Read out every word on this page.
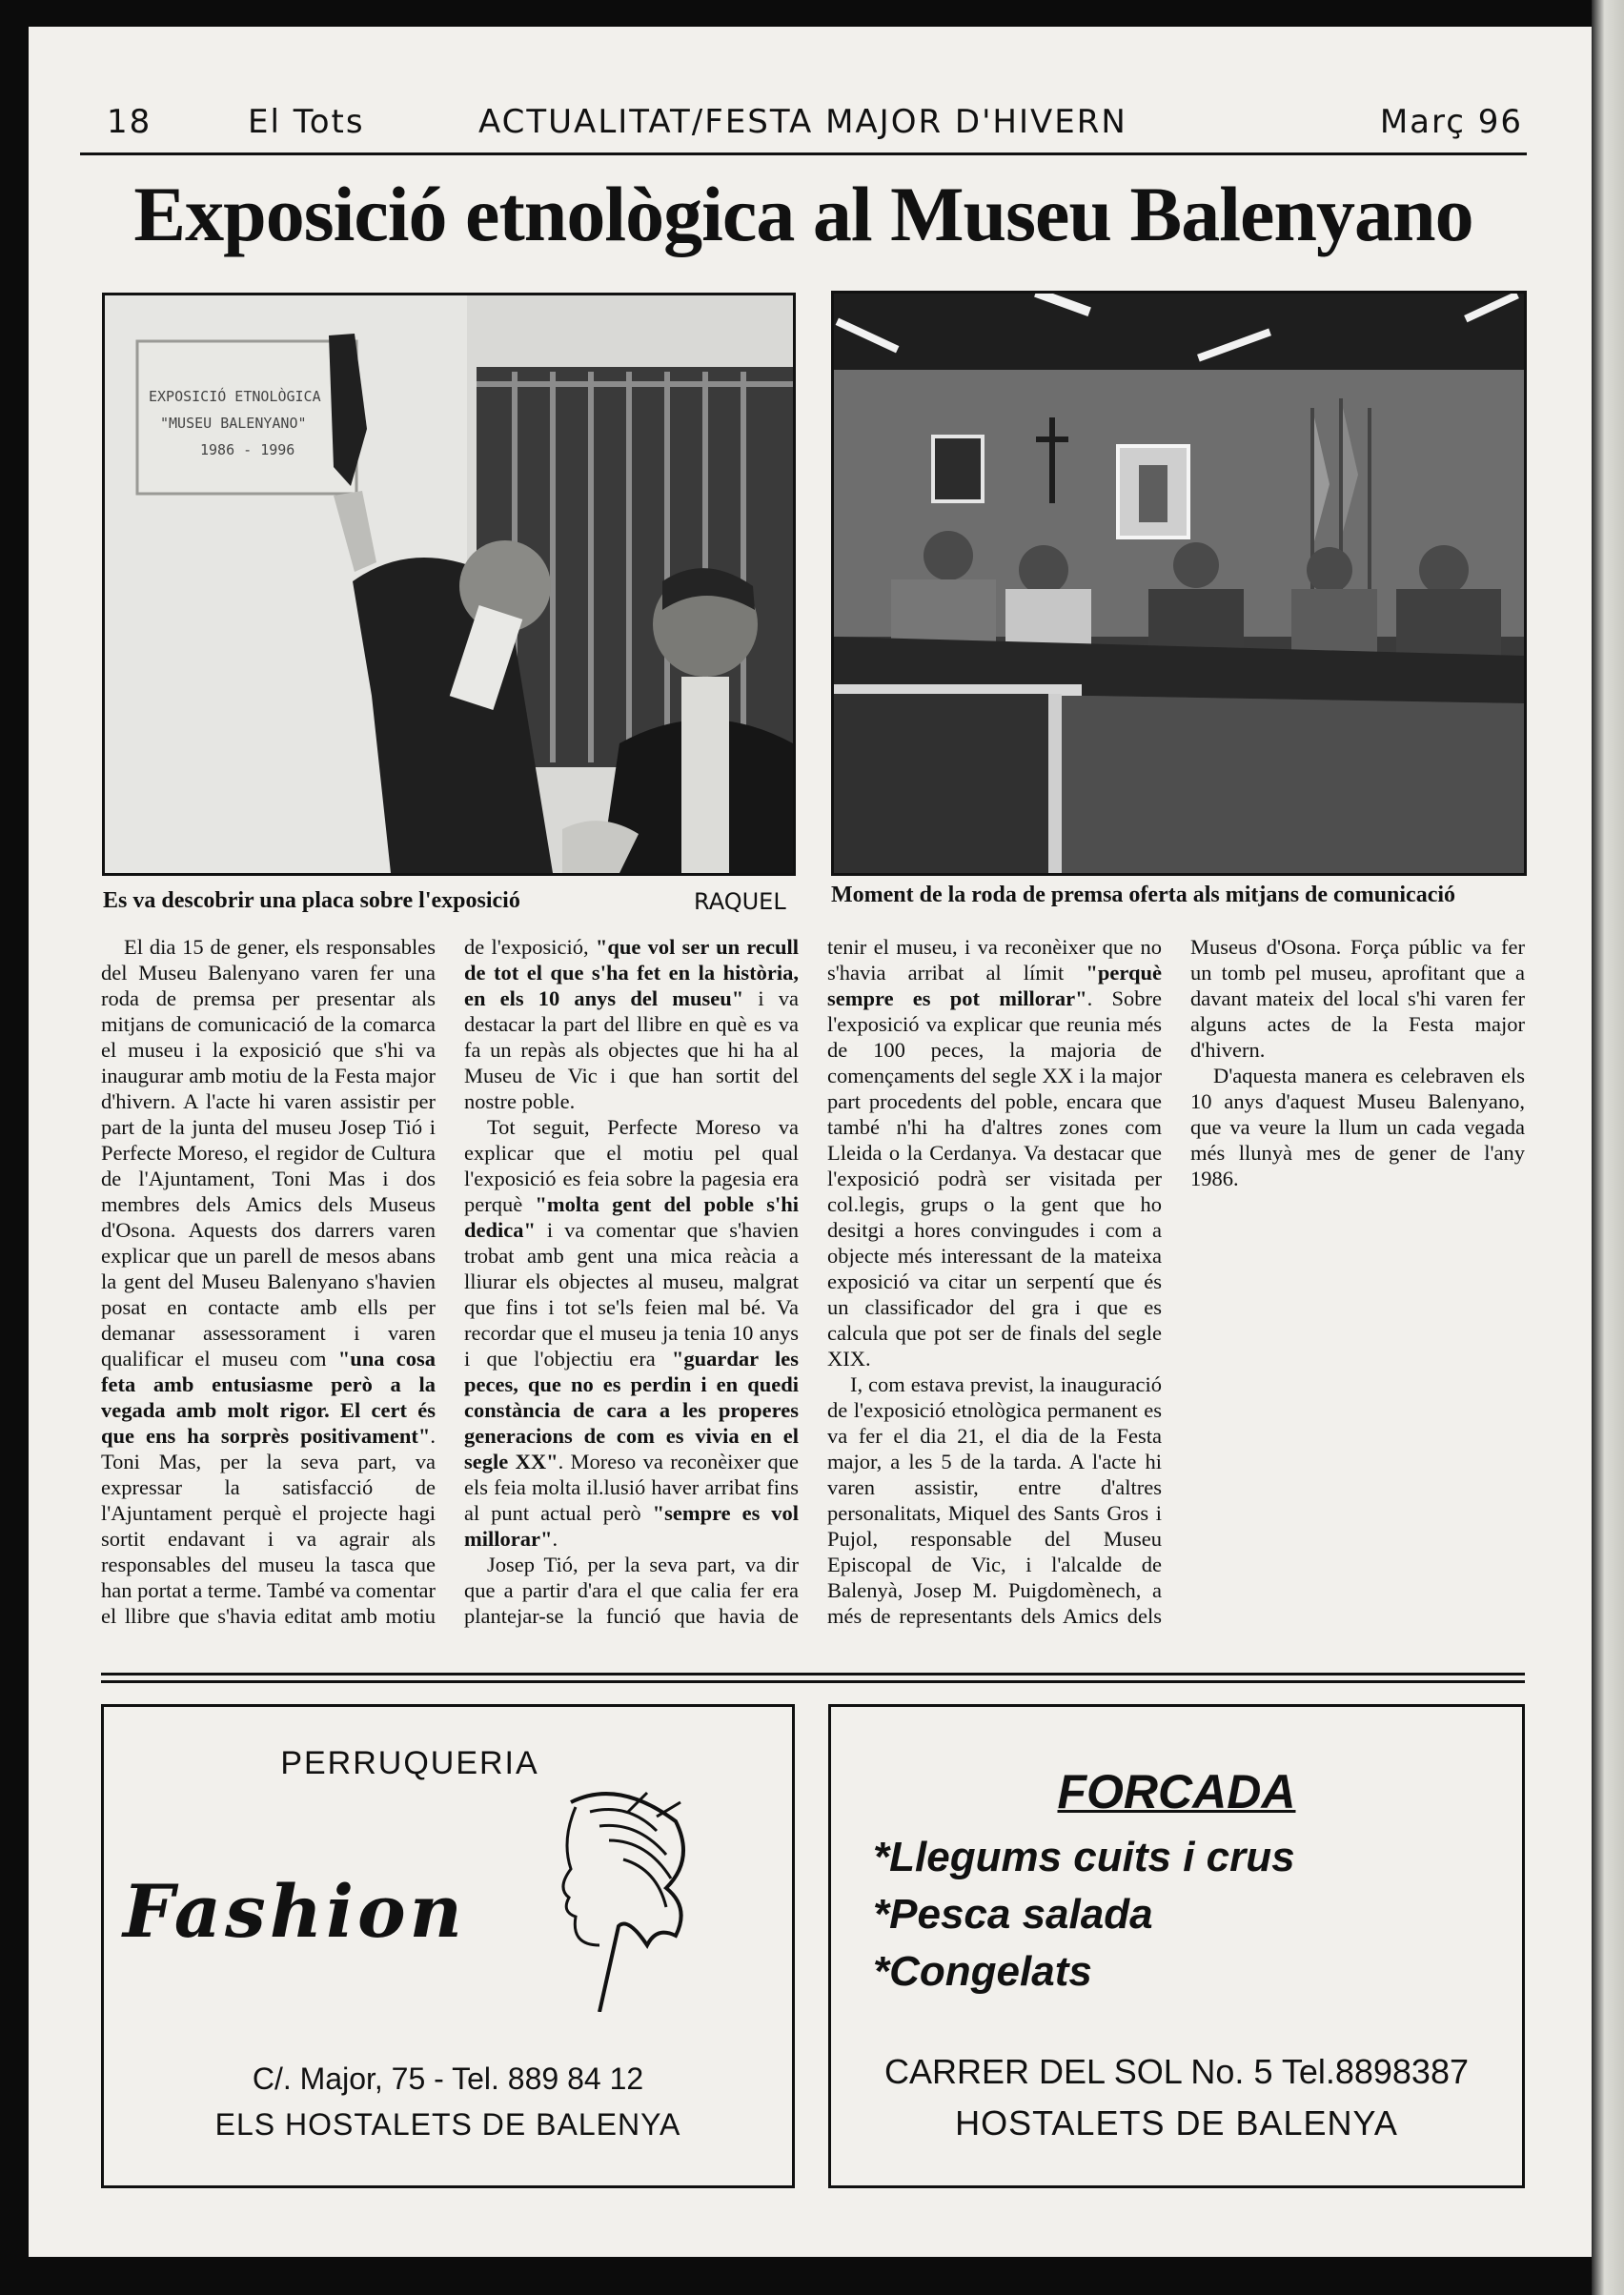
18	El Tots	ACTUALITAT/FESTA MAJOR D'HIVERN	Març 96
Exposició etnològica al Museu Balenyano
EXPOSICIÓ ETNOLÒGICA
"MUSEU BALENYANO"
1986 - 1996
Es va descobrir una placa sobre l'exposició	RAQUEL Moment de la roda de premsa oferta als mitjans de comunicació

El dia 15 de gener, els responsables del Museu Balenyano varen fer una roda de premsa per presentar als mitjans de comunicació de la comarca el museu i la exposició que s'hi va inaugurar amb motiu de la Festa major d'hivern. A l'acte hi varen assistir per part de la junta del museu Josep Tió i Perfecte Moreso, el regidor de Cultura de l'Ajuntament, Toni Mas i dos membres dels Amics dels Museus d'Osona. Aquests dos darrers varen explicar que un parell de mesos abans la gent del Museu Balenyano s'havien posat en contacte amb ells per demanar assessorament i varen qualificar el museu com "una cosa feta amb entusiasme però a la vegada amb molt rigor. El cert és que ens ha sorprès positivament". Toni Mas, per la seva part, va expressar la satisfacció de l'Ajuntament perquè el projecte hagi sortit endavant i va agrair als responsables del museu la tasca que han portat a terme. També va comentar el llibre que s'havia editat amb motiu de l'exposició, "que vol ser un recull de tot el que s'ha fet en la història, en els 10 anys del museu" i va destacar la part del llibre en què es va fa un repàs als objectes que hi ha al Museu de Vic i que han sortit del nostre poble.

Tot seguit, Perfecte Moreso va explicar que el motiu pel qual l'exposició es feia sobre la pagesia era perquè "molta gent del poble s'hi dedica" i va comentar que s'havien trobat amb gent una mica reàcia a lliurar els objectes al museu, malgrat que fins i tot se'ls feien mal bé. Va recordar que el museu ja tenia 10 anys i que l'objectiu era "guardar les peces, que no es perdin i en quedi constància de cara a les properes generacions de com es vivia en el segle XX". Moreso va reconèixer que els feia molta il.lusió haver arribat fins al punt actual però "sempre es vol millorar".

Josep Tió, per la seva part, va dir que a partir d'ara el que calia fer era plantejar-se la funció que havia de tenir el museu, i va reconèixer que no s'havia arribat al límit "perquè sempre es pot millorar". Sobre l'exposició va explicar que reunia més de 100 peces, la majoria de començaments del segle XX i la major part procedents del poble, encara que també n'hi ha d'altres zones com Lleida o la Cerdanya. Va destacar que l'exposició podrà ser visitada per col.legis, grups o la gent que ho desitgi a hores convingudes i com a objecte més interessant de la mateixa exposició va citar un serpentí que és un classificador del gra i que es calcula que pot ser de finals del segle XIX.

I, com estava previst, la inauguració de l'exposició etnològica permanent es va fer el dia 21, el dia de la Festa major, a les 5 de la tarda. A l'acte hi varen assistir, entre d'altres personalitats, Miquel des Sants Gros i Pujol, responsable del Museu Episcopal de Vic, i l'alcalde de Balenyà, Josep M. Puigdomènech, a més de representants dels Amics dels Museus d'Osona. Força públic va fer un tomb pel museu, aprofitant que a davant mateix del local s'hi varen fer alguns actes de la Festa major d'hivern.

D'aquesta manera es celebraven els 10 anys d'aquest Museu Balenyano, que va veure la llum un cada vegada més llunyà mes de gener de l'any 1986.

PERRUQUERIA
Fashion
C/. Major, 75 - Tel. 889 84 12
ELS HOSTALETS DE BALENYA
FORCADA
*Llegums cuits i crus
*Pesca salada
*Congelats
CARRER DEL SOL No. 5 Tel.8898387
HOSTALETS DE BALENYA
